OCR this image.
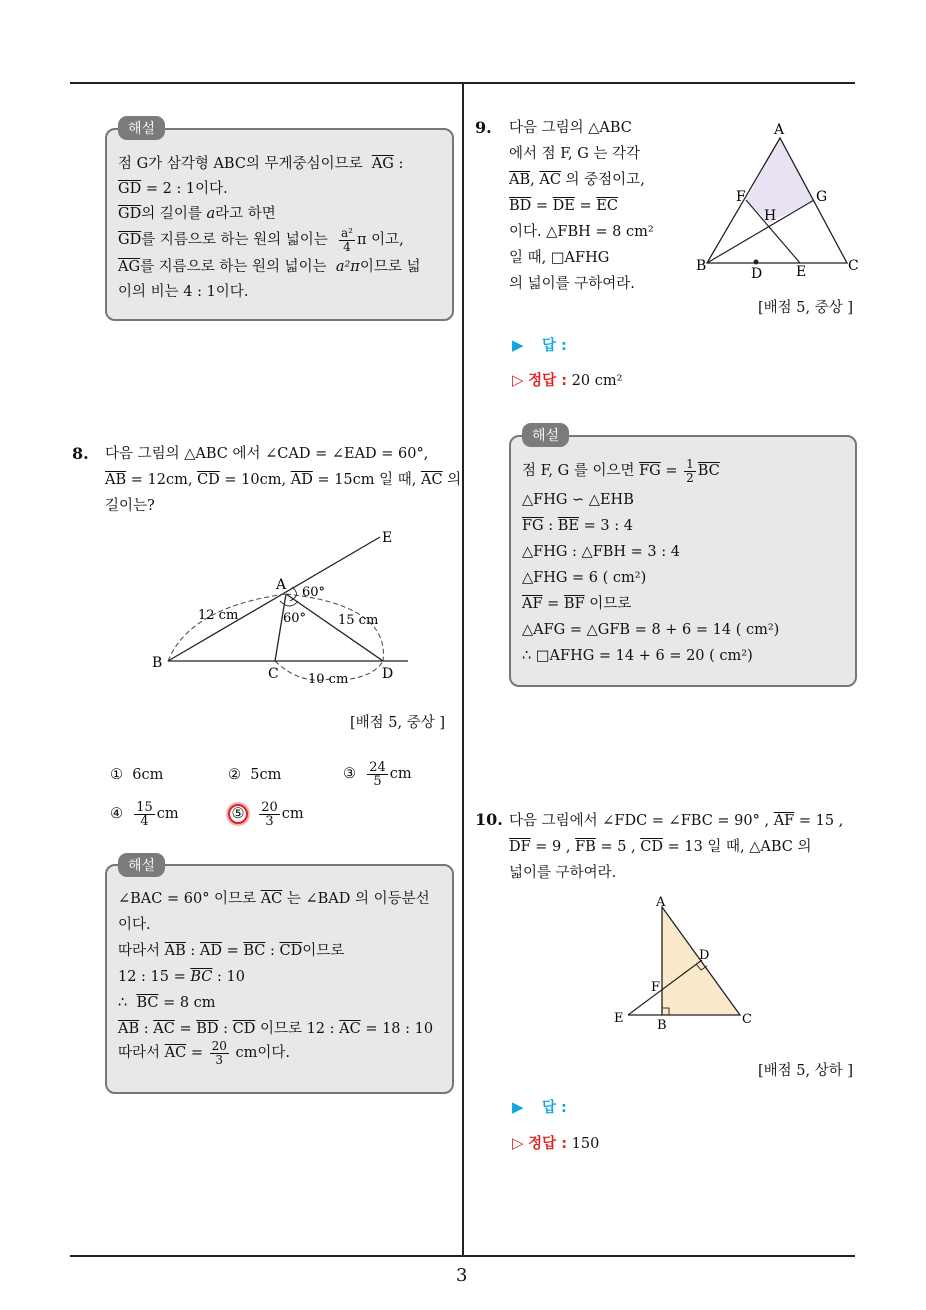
3
해설
점 G가 삼각형 ABC의 무게중심이므로 $\overline{AG}$ :
$\overline{GD} = 2$ : 1이다.
$\overline{GD}$의 길이를 a라고 하면
$\overline{GD}$를 지름으로 하는 원의 넓이는 $\frac{\text{a²}}{4}$ π 이고,
$\overline{AG}$를 지름으로 하는 원의 넓이는 a²π이므로 넓
이의 비는 4 : 1이다.
8. 다음 그림의 △ABC 에서 ∠CAD = ∠EAD = 60°,
$\overline{AB} = 12cm$, $\overline{CD} = 10cm$, $\overline{AD} = 15cm$ 일 때, $\overline{AC}$ 의
길이는?
E
A 60°
60°
12 cm	15 cm
B
C 10 cm D
[배점 5, 중상 ]
① 6cm	② 5cm	③ $\frac{24}{5}$ cm
④ $\frac{15}{4}$ cm	⑤ $\frac{20}{3}$ cm
해설
∠BAC = 60° 이므로 $\overline{AC}$ 는 ∠BAD 의 이등분선
이다.
따라서 $\overline{AB}$ : $\overline{AD} = \overline{BC}$ : $\overline{CD}$이므로
12 : $15 = \overline{BC}$ : 10
∴ $\overline{BC} = 8$ cm
$\overline{AB}$ : $\overline{AC} = \overline{BD}$ : $\overline{CD}$ 이므로 12 : $\overline{AC} = 18$ : 10
따라서 $\overline{AC} = \frac{20}{3}$ cm이다.
9. 다음 그림의 △ABC
에서 점 F, G 는 각각
$\overline{AB}$, $\overline{AC}$ 의 중점이고,
$\overline{BD} = \overline{DE} = \overline{EC}$
이다. △FBH = 8 cm²
일 때, □AFHG
의 넓이를 구하여라.
A
F	G
H
B	D E	C
[배점 5, 중상 ]
▶ 답 :
▷ 정답 : 20 cm²
해설
점 F, G 를 이으면 $\overline{FG} = \frac{1}{2} \overline{BC}$
△FHG ∽ △EHB
$\overline{FG}$ : $\overline{BE} = 3$ : 4
△FHG : △FBH = 3 : 4
△FHG = 6 ( cm²)
$\overline{AF} = \overline{BF}$ 이므로
△AFG = △GFB = 8 + 6 = 14 ( cm²)
∴ □AFHG = 14 + 6 = 20 ( cm²)
10. 다음 그림에서 ∠FDC = ∠FBC = 90° , $\overline{AF} = 15$ ,
$\overline{DF} = 9$ , $\overline{FB} = 5$ , $\overline{CD} = 13$ 일 때, △ABC 의
넓이를 구하여라.
A
D
F
E	B	C
[배점 5, 상하 ]
▶ 답 :
▷ 정답 : 150
